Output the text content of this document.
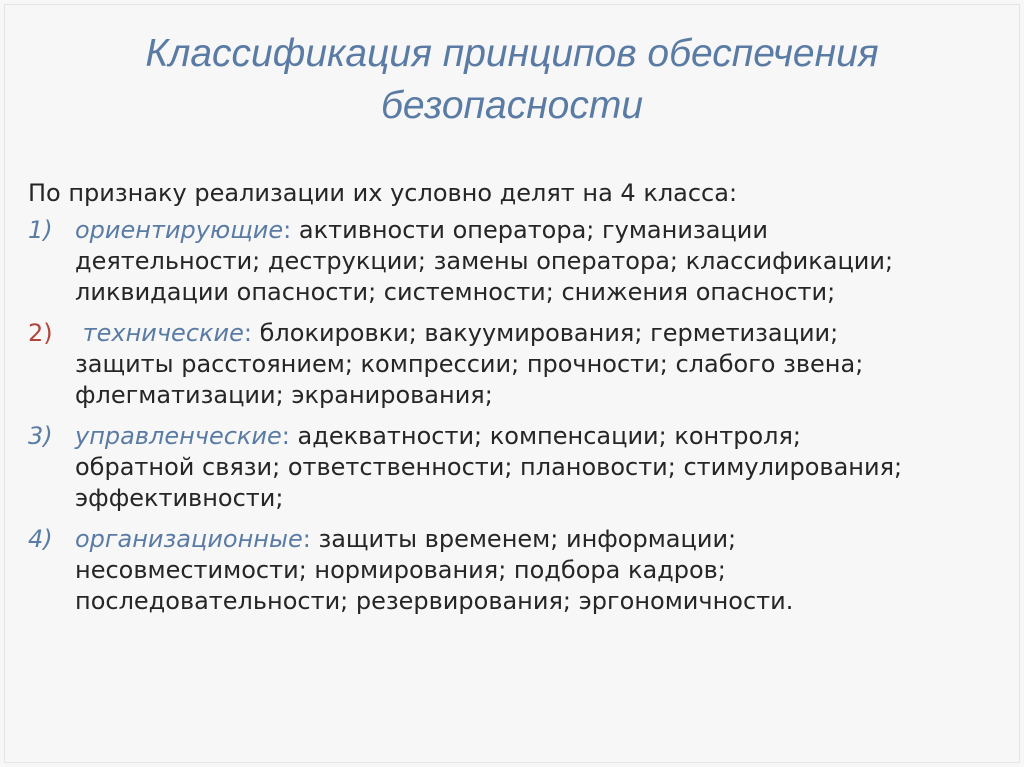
Классификация принципов обеспечения
безопасности
По признаку реализации их условно делят на 4 класса:
1) ориентирующие: активности оператора; гуманизации
деятельности; деструкции; замены оператора; классификации;
ликвидации опасности; системности; снижения опасности;
2)	технические: блокировки; вакуумирования; герметизации;
защиты расстоянием; компрессии; прочности; слабого звена;
флегматизации; экранирования;
3) управленческие: адекватности; компенсации; контроля;
обратной связи; ответственности; плановости; стимулирования;
эффективности;
4) организационные: защиты временем; информации;
несовместимости; нормирования; подбора кадров;
последовательности; резервирования; эргономичности.
